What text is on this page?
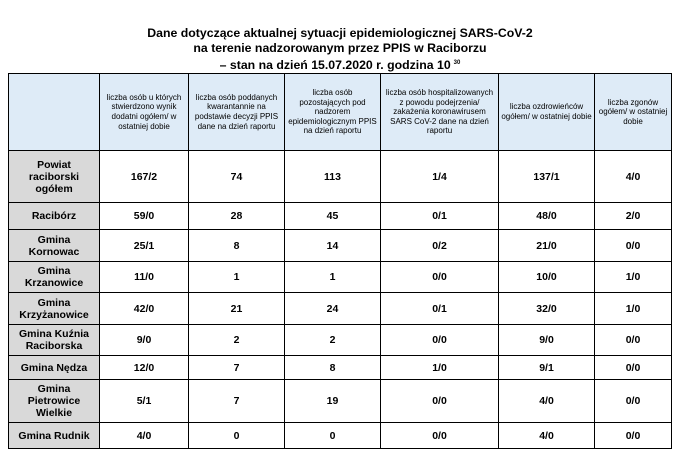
Dane dotyczące aktualnej sytuacji epidemiologicznej SARS-CoV-2
na terenie nadzorowanym przez PPIS w Raciborzu
– stan na dzień 15.07.2020 r. godzina 10 $^{30}$
	liczba osób u których stwierdzono wynik dodatni ogółem/ w ostatniej dobie	liczba osób poddanych kwarantannie na podstawie decyzji PPIS dane na dzień raportu	liczba osób pozostających pod nadzorem epidemiologicznym PPIS na dzień raportu	liczba osób hospitalizowanych z powodu podejrzenia/ zakażenia koronawirusem SARS CoV-2 dane na dzień raportu	liczba ozdrowieńców ogółem/ w ostatniej dobie	liczba zgonów ogółem/ w ostatniej dobie
Powiat raciborski ogółem	167/2	74	113	1/4	137/1	4/0
Racibórz	59/0	28	45	0/1	48/0	2/0
Gmina Kornowac	25/1	8	14	0/2	21/0	0/0
Gmina Krzanowice	11/0	1	1	0/0	10/0	1/0
Gmina Krzyżanowice	42/0	21	24	0/1	32/0	1/0
Gmina Kuźnia Raciborska	9/0	2	2	0/0	9/0	0/0
Gmina Nędza	12/0	7	8	1/0	9/1	0/0
Gmina Pietrowice Wielkie	5/1	7	19	0/0	4/0	0/0
Gmina Rudnik	4/0	0	0	0/0	4/0	0/0
